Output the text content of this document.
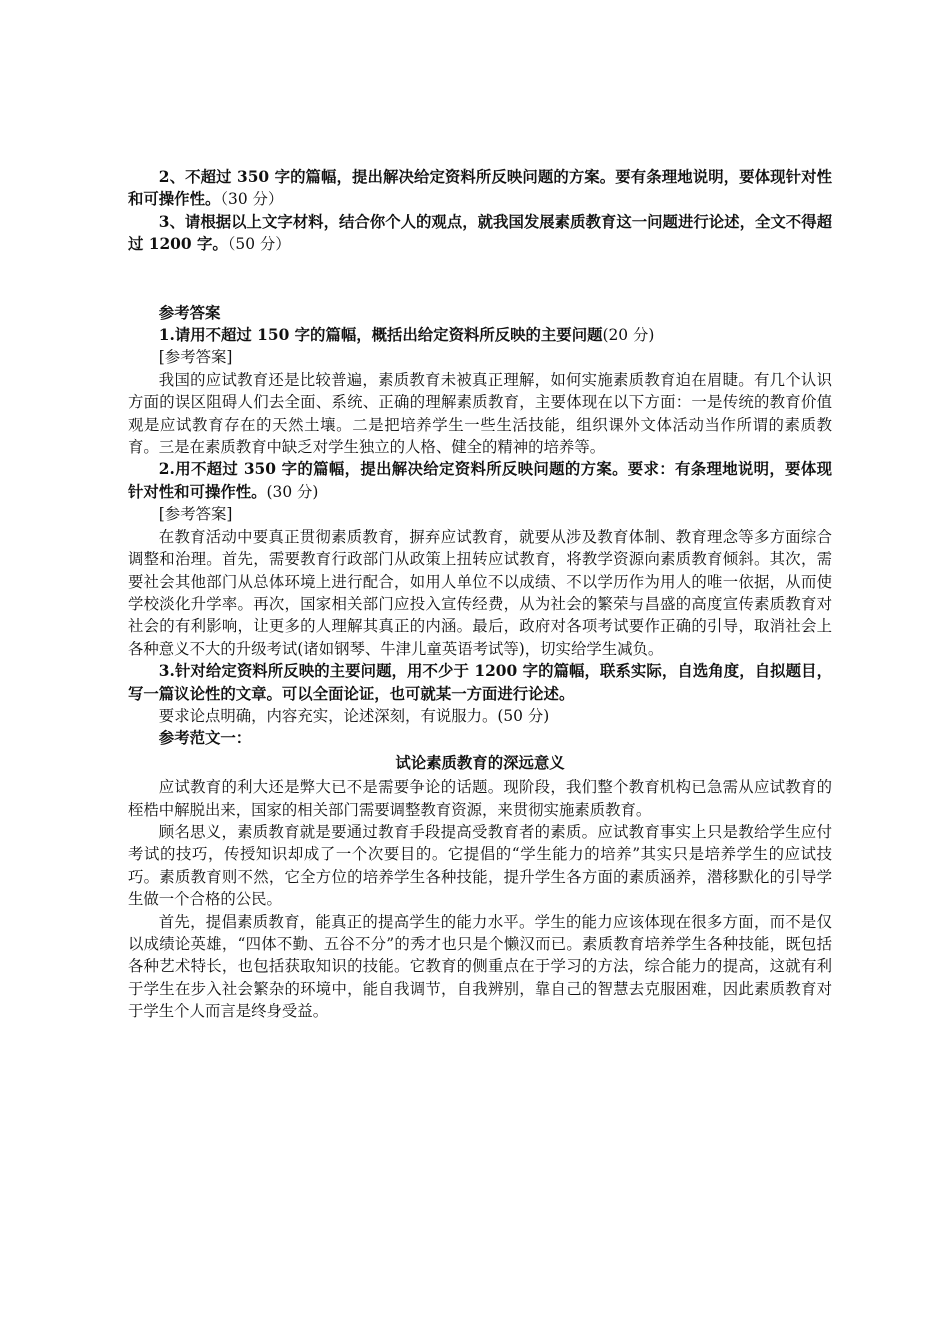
2、不超过 350 字的篇幅，提出解决给定资料所反映问题的方案。要有条理地说明，要体现针对性和可操作性。（30 分）

3、请根据以上文字材料，结合你个人的观点，就我国发展素质教育这一问题进行论述，全文不得超过 1200 字。（50 分）

参考答案

1.请用不超过 150 字的篇幅，概括出给定资料所反映的主要问题(20 分)

[参考答案]

我国的应试教育还是比较普遍，素质教育未被真正理解，如何实施素质教育迫在眉睫。有几个认识方面的误区阻碍人们去全面、系统、正确的理解素质教育，主要体现在以下方面：一是传统的教育价值观是应试教育存在的天然土壤。二是把培养学生一些生活技能，组织课外文体活动当作所谓的素质教育。三是在素质教育中缺乏对学生独立的人格、健全的精神的培养等。

2.用不超过 350 字的篇幅，提出解决给定资料所反映问题的方案。要求：有条理地说明，要体现针对性和可操作性。(30 分)

[参考答案]

在教育活动中要真正贯彻素质教育，摒弃应试教育，就要从涉及教育体制、教育理念等多方面综合调整和治理。首先，需要教育行政部门从政策上扭转应试教育，将教学资源向素质教育倾斜。其次，需要社会其他部门从总体环境上进行配合，如用人单位不以成绩、不以学历作为用人的唯一依据，从而使学校淡化升学率。再次，国家相关部门应投入宣传经费，从为社会的繁荣与昌盛的高度宣传素质教育对社会的有利影响，让更多的人理解其真正的内涵。最后，政府对各项考试要作正确的引导，取消社会上各种意义不大的升级考试(诸如钢琴、牛津儿童英语考试等)，切实给学生减负。

3.针对给定资料所反映的主要问题，用不少于 1200 字的篇幅，联系实际，自选角度，自拟题目，写一篇议论性的文章。可以全面论证，也可就某一方面进行论述。

要求论点明确，内容充实，论述深刻，有说服力。(50 分)

参考范文一：

试论素质教育的深远意义

应试教育的利大还是弊大已不是需要争论的话题。现阶段，我们整个教育机构已急需从应试教育的桎梏中解脱出来，国家的相关部门需要调整教育资源，来贯彻实施素质教育。

顾名思义，素质教育就是要通过教育手段提高受教育者的素质。应试教育事实上只是教给学生应付考试的技巧，传授知识却成了一个次要目的。它提倡的“学生能力的培养”其实只是培养学生的应试技巧。素质教育则不然，它全方位的培养学生各种技能，提升学生各方面的素质涵养，潜移默化的引导学生做一个合格的公民。

首先，提倡素质教育，能真正的提高学生的能力水平。学生的能力应该体现在很多方面，而不是仅以成绩论英雄，“四体不勤、五谷不分”的秀才也只是个懒汉而已。素质教育培养学生各种技能，既包括各种艺术特长，也包括获取知识的技能。它教育的侧重点在于学习的方法，综合能力的提高，这就有利于学生在步入社会繁杂的环境中，能自我调节，自我辨别，靠自己的智慧去克服困难，因此素质教育对于学生个人而言是终身受益。
